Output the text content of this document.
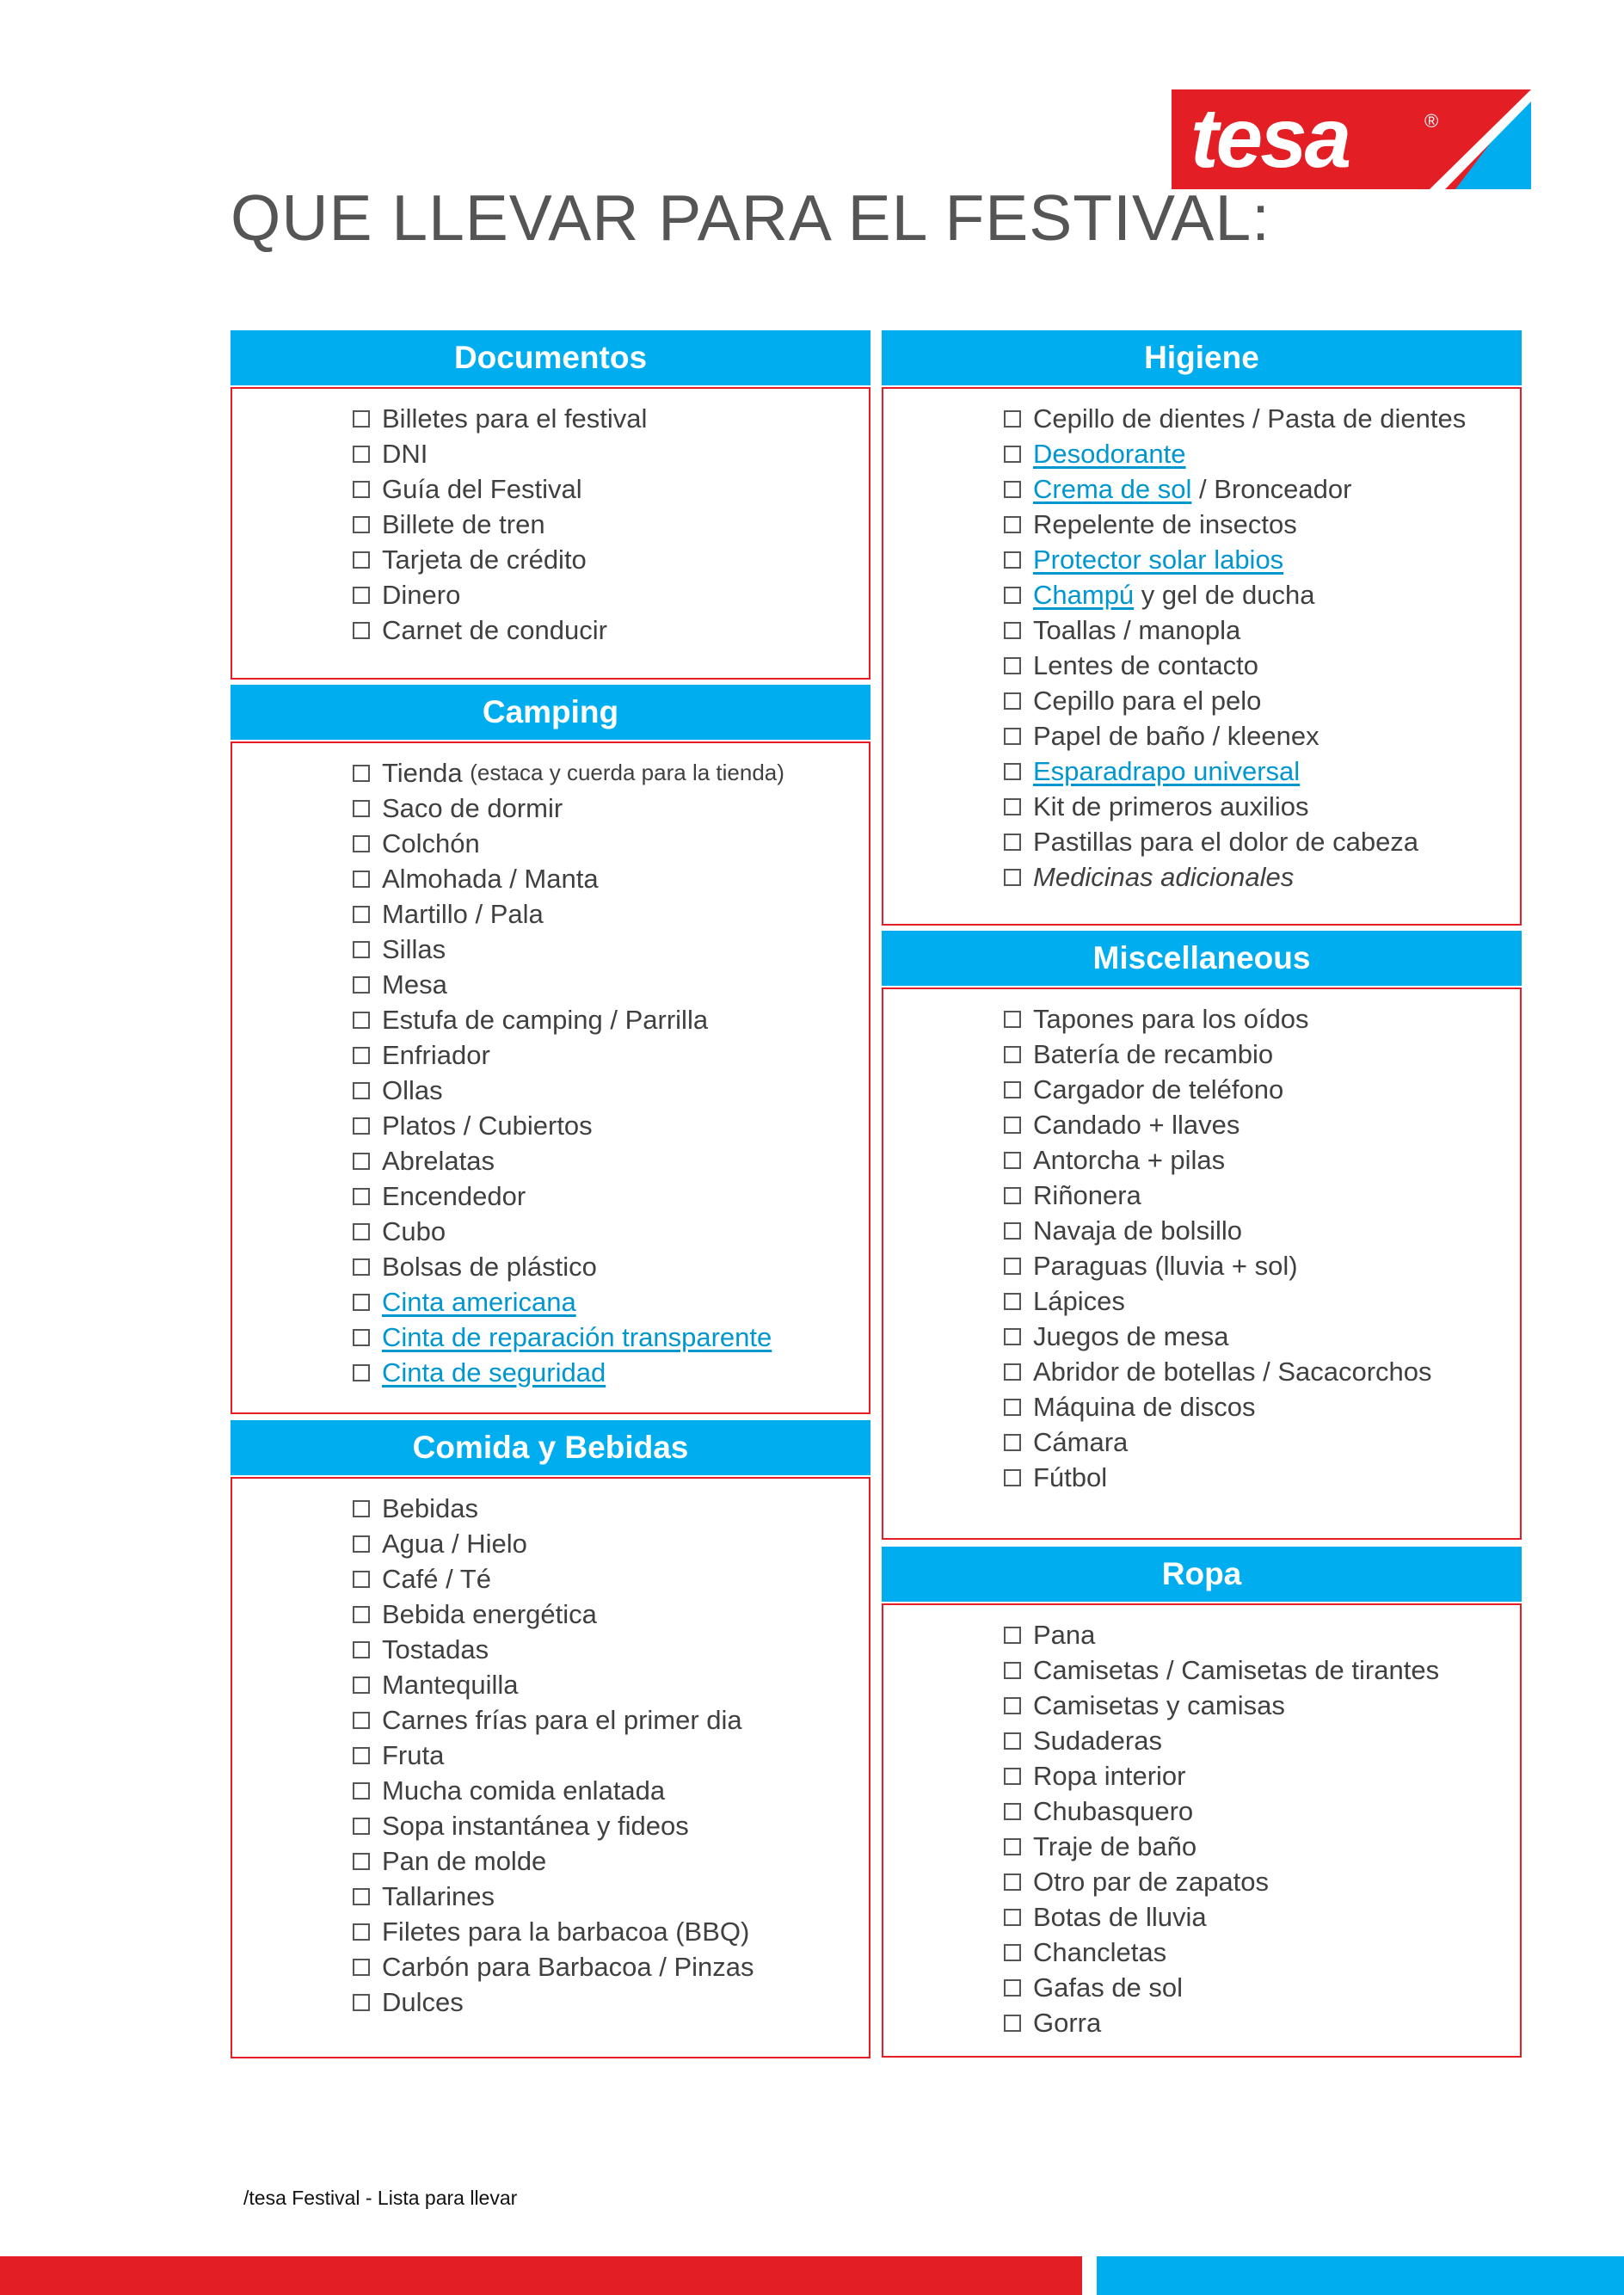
tesa	®
QUE LLEVAR PARA EL FESTIVAL:
Documentos
Billetes para el festival
DNI
Guía del Festival
Billete de tren
Tarjeta de crédito
Dinero
Carnet de conducir
Camping
Tienda (estaca y cuerda para la tienda)
Saco de dormir
Colchón
Almohada / Manta
Martillo / Pala
Sillas
Mesa
Estufa de camping / Parrilla
Enfriador
Ollas
Platos / Cubiertos
Abrelatas
Encendedor
Cubo
Bolsas de plástico
Cinta americana
Cinta de reparación transparente
Cinta de seguridad
Comida y Bebidas
Bebidas
Agua / Hielo
Café / Té
Bebida energética
Tostadas
Mantequilla
Carnes frías para el primer dia
Fruta
Mucha comida enlatada
Sopa instantánea y fideos
Pan de molde
Tallarines
Filetes para la barbacoa (BBQ)
Carbón para Barbacoa / Pinzas
Dulces
Higiene
Cepillo de dientes / Pasta de dientes
Desodorante
Crema de sol / Bronceador
Repelente de insectos
Protector solar labios
Champú y gel de ducha
Toallas / manopla
Lentes de contacto
Cepillo para el pelo
Papel de baño / kleenex
Esparadrapo universal
Kit de primeros auxilios
Pastillas para el dolor de cabeza
Medicinas adicionales
Miscellaneous
Tapones para los oídos
Batería de recambio
Cargador de teléfono
Candado + llaves
Antorcha + pilas
Riñonera
Navaja de bolsillo
Paraguas (lluvia + sol)
Lápices
Juegos de mesa
Abridor de botellas / Sacacorchos
Máquina de discos
Cámara
Fútbol
Ropa
Pana
Camisetas / Camisetas de tirantes
Camisetas y camisas
Sudaderas
Ropa interior
Chubasquero
Traje de baño
Otro par de zapatos
Botas de lluvia
Chancletas
Gafas de sol
Gorra
/tesa Festival - Lista para llevar
